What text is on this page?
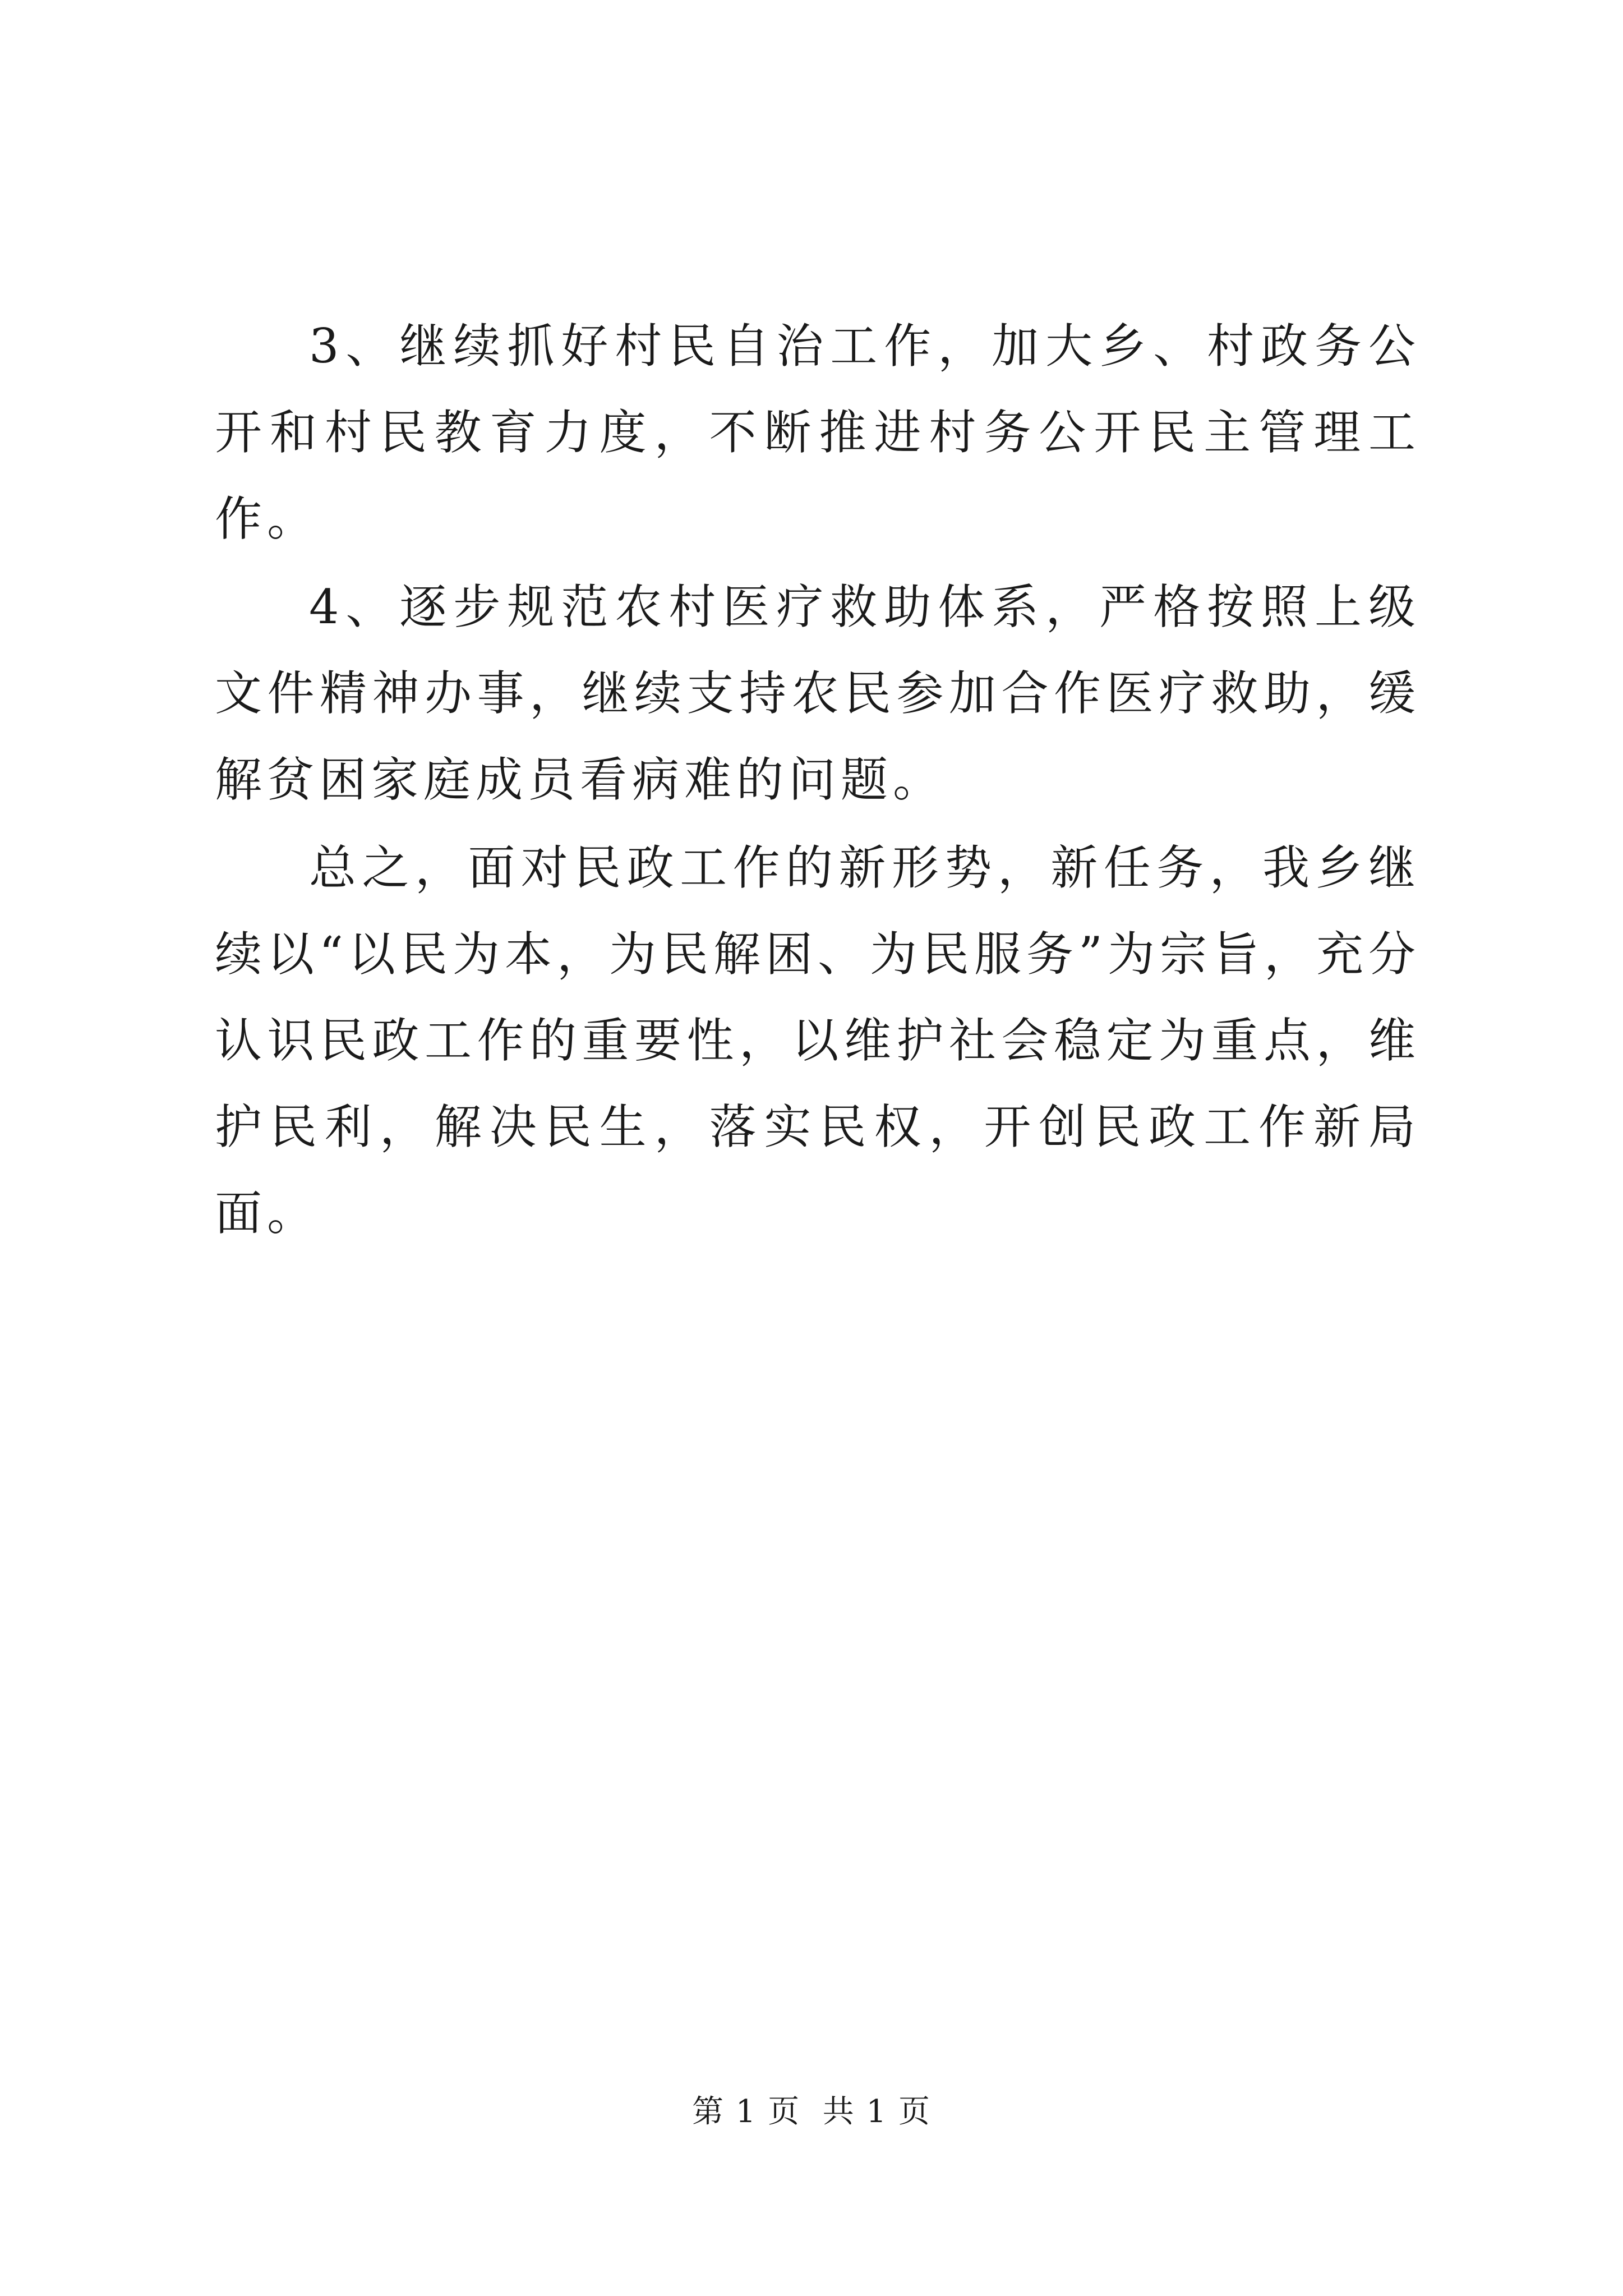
3、继续抓好村民自治工作，加大乡、村政务公开和村民教育力度，不断推进村务公开民主管理工作。

4、逐步规范农村医疗救助体系，严格按照上级文件精神办事，继续支持农民参加合作医疗救助，缓解贫困家庭成员看病难的问题。

总之，面对民政工作的新形势，新任务，我乡继续以“以民为本，为民解困、为民服务”为宗旨，充分认识民政工作的重要性，以维护社会稳定为重点，维护民利，解决民生，落实民权，开创民政工作新局面。

第 1 页  共 1 页
